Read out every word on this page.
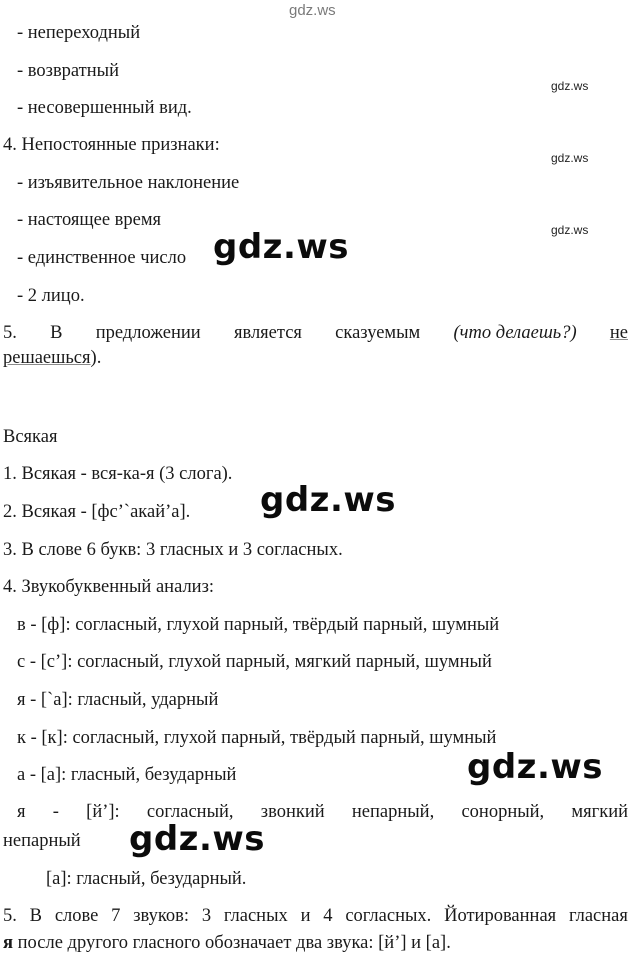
gdz.ws
gdz.ws
gdz.ws
gdz.ws
- непереходный
- возвратный
- несовершенный вид.
4. Непостоянные признаки:
- изъявительное наклонение
- настоящее время
- единственное число
- 2 лицо.
5. В предложении является сказуемым (что делаешь?) не
решаешься).
Всякая
1. Всякая - вся-ка-я (3 слога).
2. Всякая - [фс’`акай’а].
3. В слове 6 букв: 3 гласных и 3 согласных.
4. Звукобуквенный анализ:
в - [ф]: согласный, глухой парный, твёрдый парный, шумный
с - [с’]: согласный, глухой парный, мягкий парный, шумный
я - [`а]: гласный, ударный
к - [к]: согласный, глухой парный, твёрдый парный, шумный
а - [а]: гласный, безударный
я - [й’]: согласный, звонкий непарный, сонорный, мягкий
непарный
[а]: гласный, безударный.
5. В слове 7 звуков: 3 гласных и 4 согласных. Йотированная гласная
я после другого гласного обозначает два звука: [й’] и [а].
gdz.ws
gdz.ws
gdz.ws
gdz.ws
